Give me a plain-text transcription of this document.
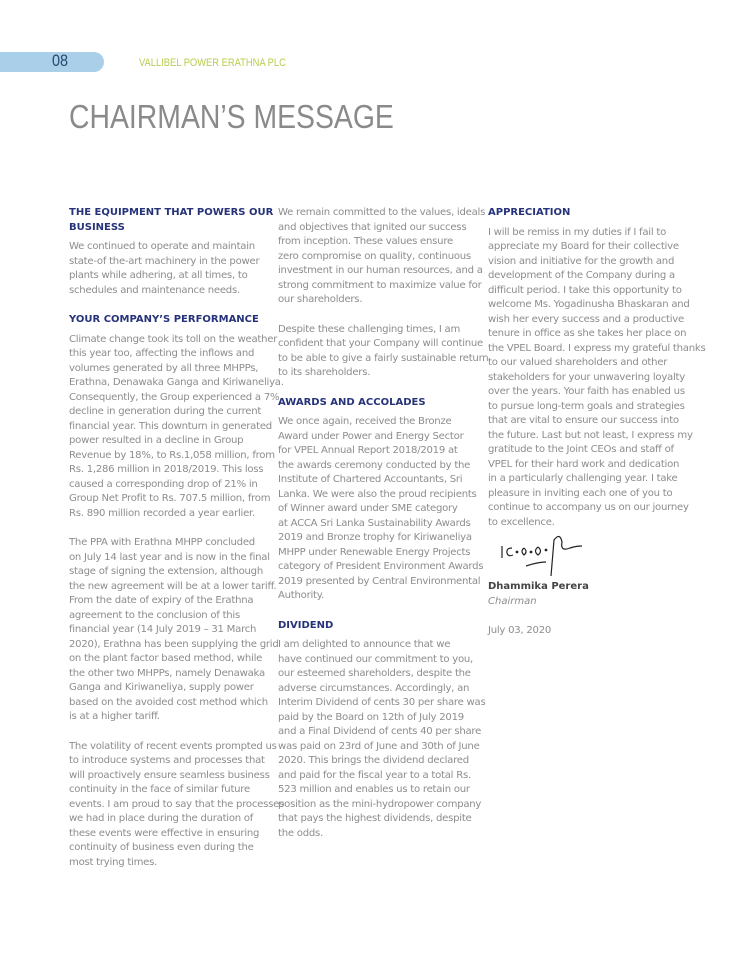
08	VALLIBEL POWER ERATHNA PLC
CHAIRMAN’S MESSAGE
THE EQUIPMENT THAT POWERS OUR
BUSINESS
We continued to operate and maintain
state-of the-art machinery in the power
plants while adhering, at all times, to
schedules and maintenance needs.
YOUR COMPANY’S PERFORMANCE
Climate change took its toll on the weather
this year too, affecting the inflows and
volumes generated by all three MHPPs,
Erathna, Denawaka Ganga and Kiriwaneliya.
Consequently, the Group experienced a 7%
decline in generation during the current
financial year. This downturn in generated
power resulted in a decline in Group
Revenue by 18%, to Rs.1,058 million, from
Rs. 1,286 million in 2018/2019. This loss
caused a corresponding drop of 21% in
Group Net Profit to Rs. 707.5 million, from
Rs. 890 million recorded a year earlier.
The PPA with Erathna MHPP concluded
on July 14 last year and is now in the final
stage of signing the extension, although
the new agreement will be at a lower tariff.
From the date of expiry of the Erathna
agreement to the conclusion of this
financial year (14 July 2019 – 31 March
2020), Erathna has been supplying the grid
on the plant factor based method, while
the other two MHPPs, namely Denawaka
Ganga and Kiriwaneliya, supply power
based on the avoided cost method which
is at a higher tariff.
The volatility of recent events prompted us
to introduce systems and processes that
will proactively ensure seamless business
continuity in the face of similar future
events. I am proud to say that the processes
we had in place during the duration of
these events were effective in ensuring
continuity of business even during the
most trying times.
We remain committed to the values, ideals
and objectives that ignited our success
from inception. These values ensure
zero compromise on quality, continuous
investment in our human resources, and a
strong commitment to maximize value for
our shareholders.
Despite these challenging times, I am
confident that your Company will continue
to be able to give a fairly sustainable return
to its shareholders.
AWARDS AND ACCOLADES
We once again, received the Bronze
Award under Power and Energy Sector
for VPEL Annual Report 2018/2019 at
the awards ceremony conducted by the
Institute of Chartered Accountants, Sri
Lanka. We were also the proud recipients
of Winner award under SME category
at ACCA Sri Lanka Sustainability Awards
2019 and Bronze trophy for Kiriwaneliya
MHPP under Renewable Energy Projects
category of President Environment Awards
2019 presented by Central Environmental
Authority.
DIVIDEND
I am delighted to announce that we
have continued our commitment to you,
our esteemed shareholders, despite the
adverse circumstances. Accordingly, an
Interim Dividend of cents 30 per share was
paid by the Board on 12th of July 2019
and a Final Dividend of cents 40 per share
was paid on 23rd of June and 30th of June
2020. This brings the dividend declared
and paid for the fiscal year to a total Rs.
523 million and enables us to retain our
position as the mini-hydropower company
that pays the highest dividends, despite
the odds.
APPRECIATION
I will be remiss in my duties if I fail to
appreciate my Board for their collective
vision and initiative for the growth and
development of the Company during a
difficult period. I take this opportunity to
welcome Ms. Yogadinusha Bhaskaran and
wish her every success and a productive
tenure in office as she takes her place on
the VPEL Board. I express my grateful thanks
to our valued shareholders and other
stakeholders for your unwavering loyalty
over the years. Your faith has enabled us
to pursue long-term goals and strategies
that are vital to ensure our success into
the future. Last but not least, I express my
gratitude to the Joint CEOs and staff of
VPEL for their hard work and dedication
in a particularly challenging year. I take
pleasure in inviting each one of you to
continue to accompany us on our journey
to excellence.
Dhammika Perera
Chairman
July 03, 2020
